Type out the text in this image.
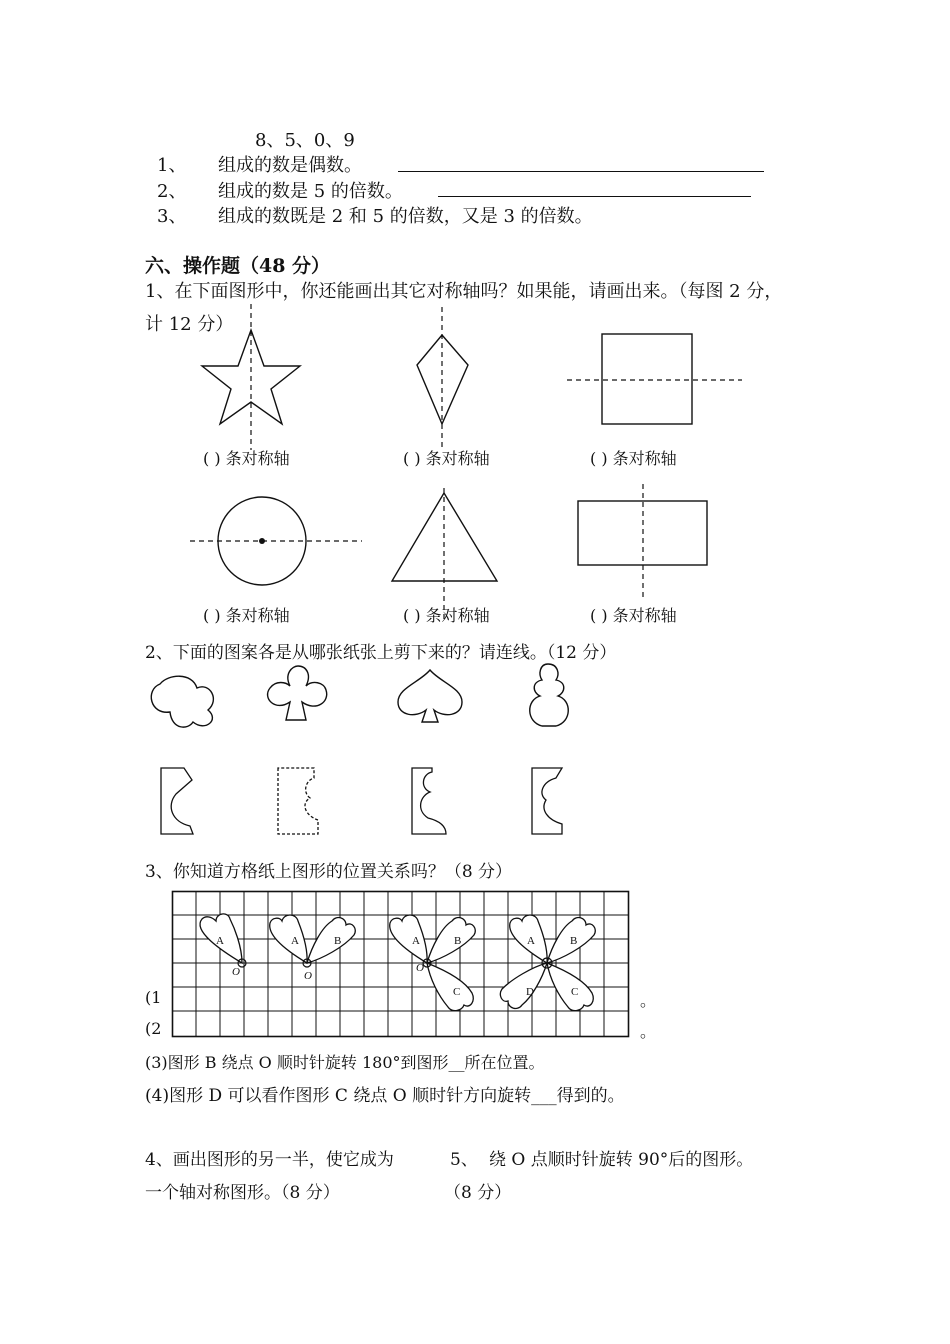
8、5、0、9
1、 组成的数是偶数。
2、 组成的数是 5 的倍数。
3、 组成的数既是 2 和 5 的倍数，又是 3 的倍数。
六、操作题（48 分）
1、在下面图形中，你还能画出其它对称轴吗？如果能，请画出来。（每图 2 分，
计 12 分）
( ) 条对称轴	( ) 条对称轴	( ) 条对称轴
( ) 条对称轴	( ) 条对称轴	( ) 条对称轴
2、下面的图案各是从哪张纸张上剪下来的？请连线。（12 分）
3、你知道方格纸上图形的位置关系吗？（8 分）
A	A	B	A	B
C
A	B
D	C
O	O
O
(1
(2
。
。
(3)图形 B 绕点 O 顺时针旋转 180°到图形__所在位置。
(4)图形 D 可以看作图形 C 绕点 O 顺时针方向旋转___得到的。
4、画出图形的另一半，使它成为
一个轴对称图形。（8 分）
5、 绕 O 点顺时针旋转 90°后的图形。
（8 分）
